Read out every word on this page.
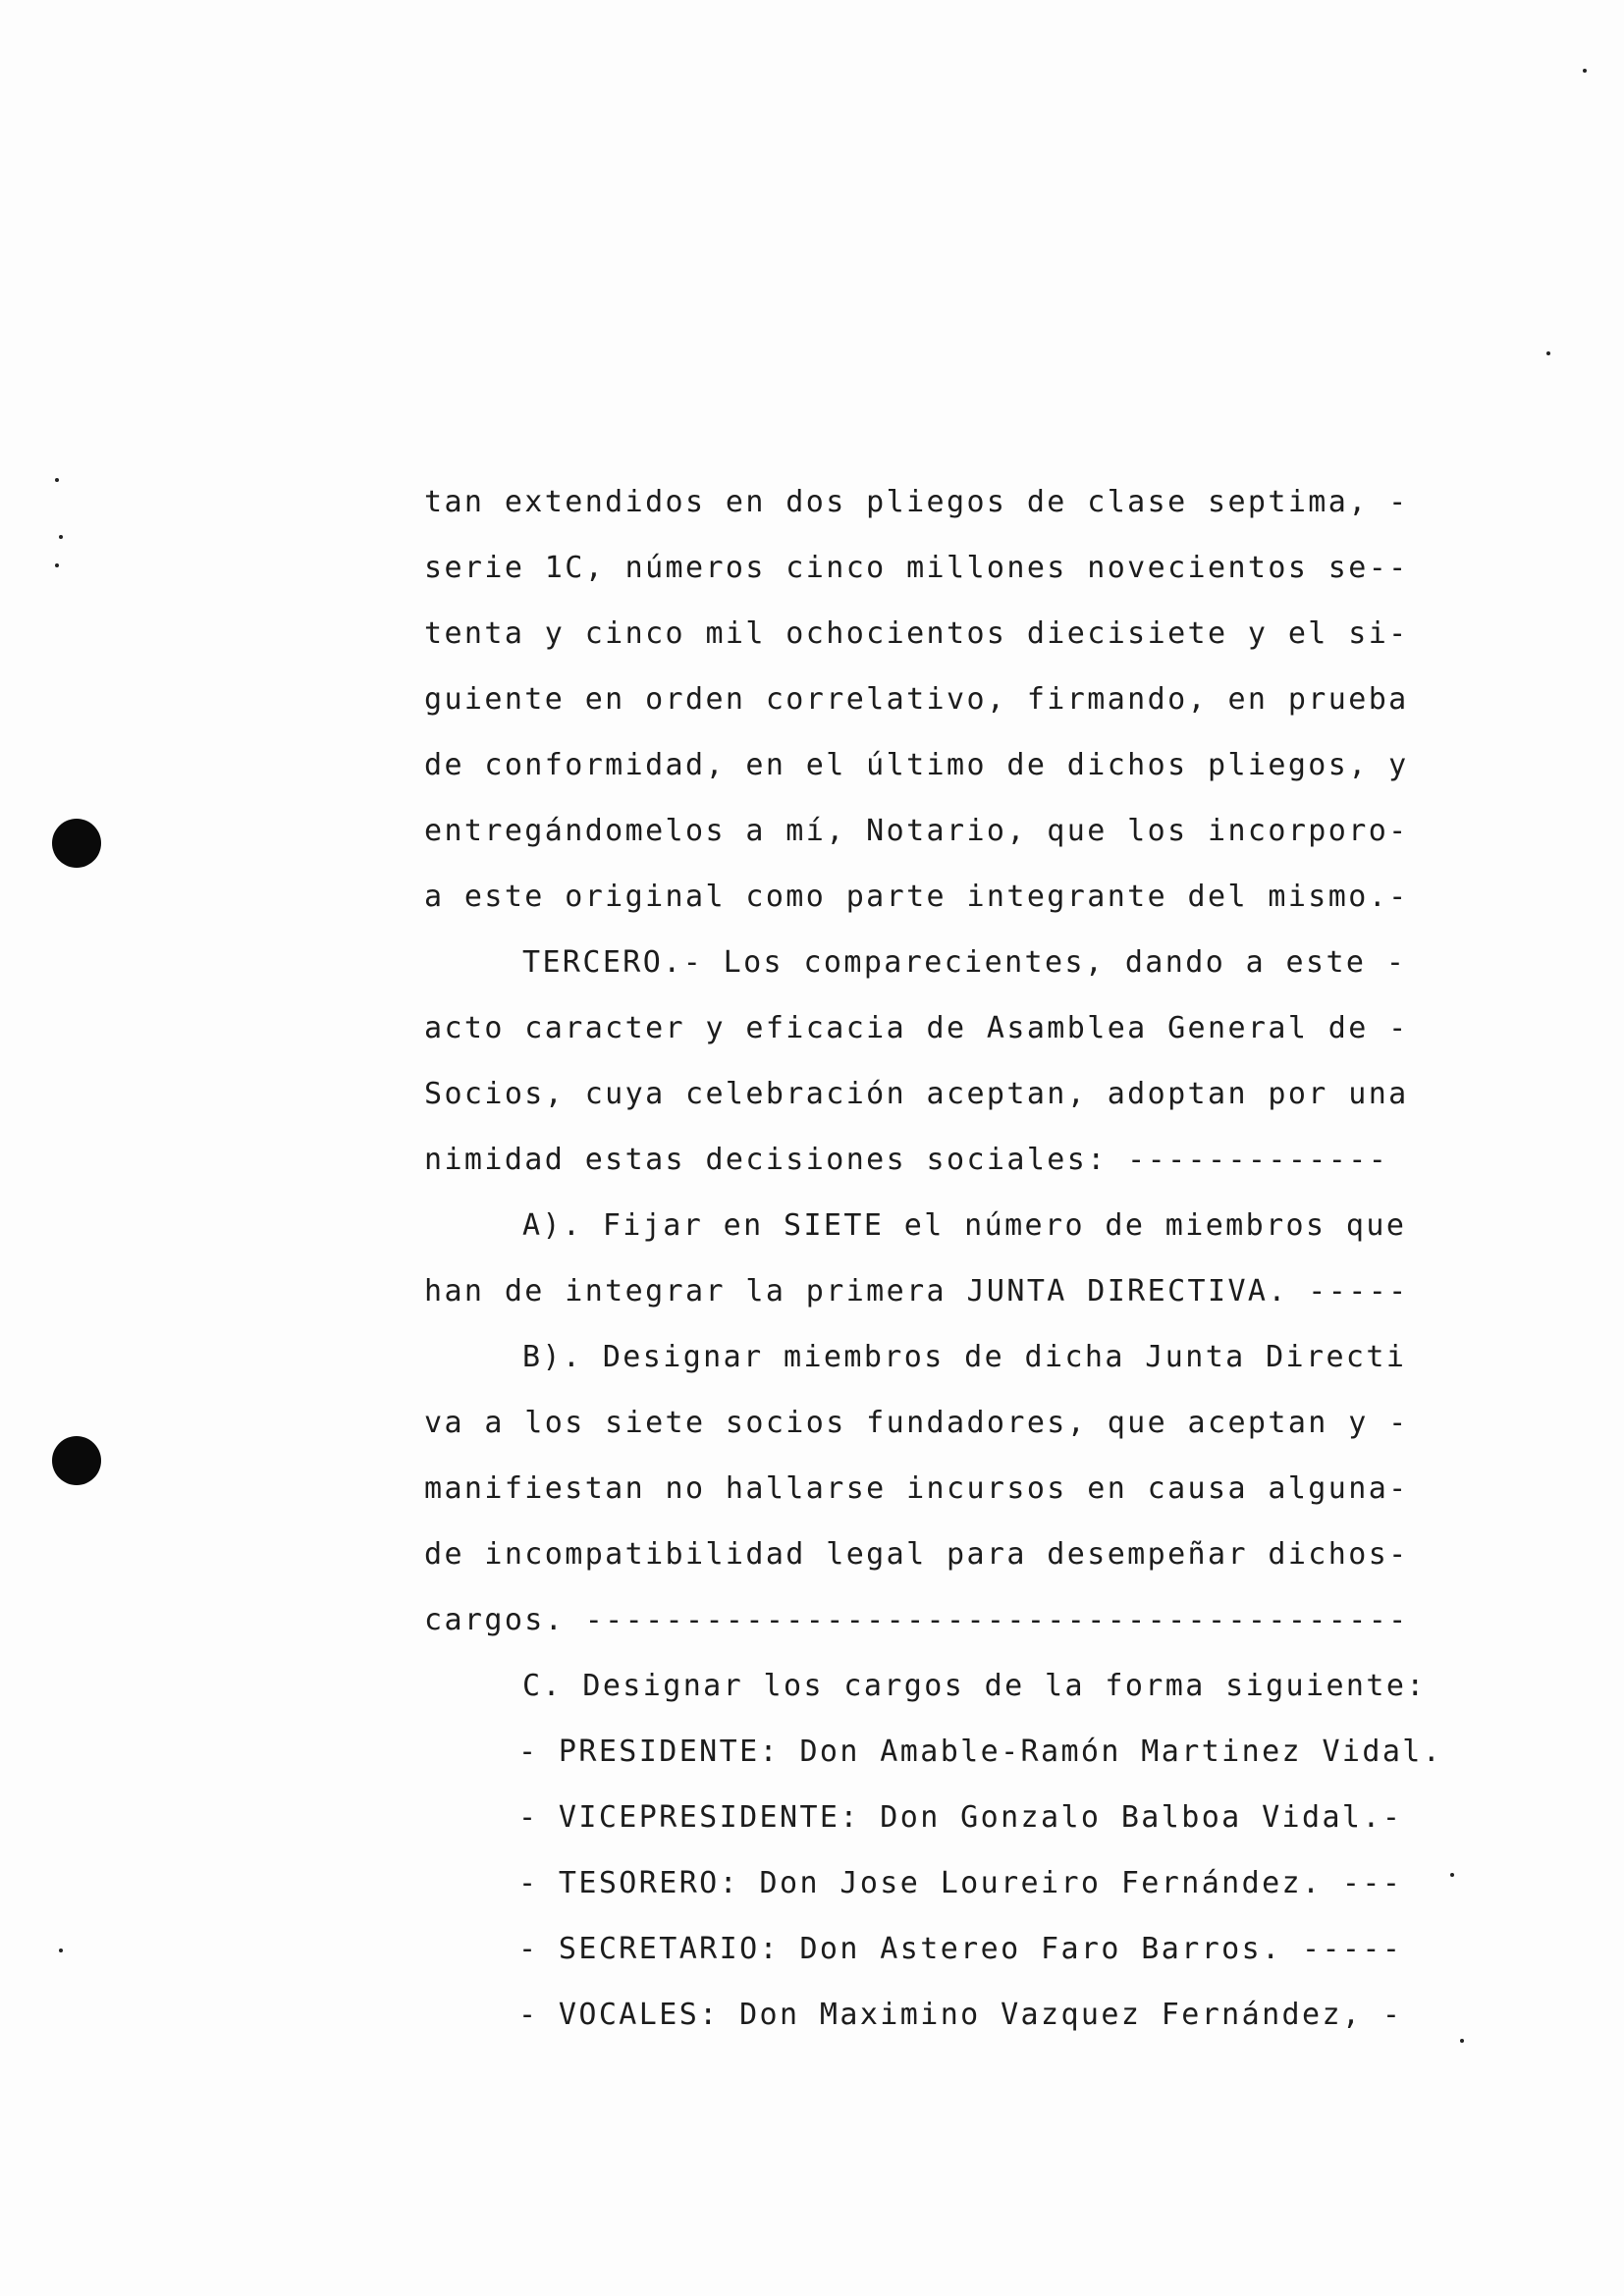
tan extendidos en dos pliegos de clase septima, -
serie 1C, números cinco millones novecientos se--
tenta y cinco mil ochocientos diecisiete y el si-
guiente en orden correlativo, firmando, en prueba
de conformidad, en el último de dichos pliegos, y
entregándomelos a mí, Notario, que los incorporo-
a este original como parte integrante del mismo.-
TERCERO.- Los comparecientes, dando a este -
acto caracter y eficacia de Asamblea General de -
Socios, cuya celebración aceptan, adoptan por una
nimidad estas decisiones sociales: -------------
A). Fijar en SIETE el número de miembros que
han de integrar la primera JUNTA DIRECTIVA. -----
B). Designar miembros de dicha Junta Directi
va a los siete socios fundadores, que aceptan y -
manifiestan no hallarse incursos en causa alguna-
de incompatibilidad legal para desempeñar dichos-
cargos. -----------------------------------------
C. Designar los cargos de la forma siguiente:
- PRESIDENTE: Don Amable-Ramón Martinez Vidal.
- VICEPRESIDENTE: Don Gonzalo Balboa Vidal.-
- TESORERO: Don Jose Loureiro Fernández. ---
- SECRETARIO: Don Astereo Faro Barros. -----
- VOCALES: Don Maximino Vazquez Fernández, -
